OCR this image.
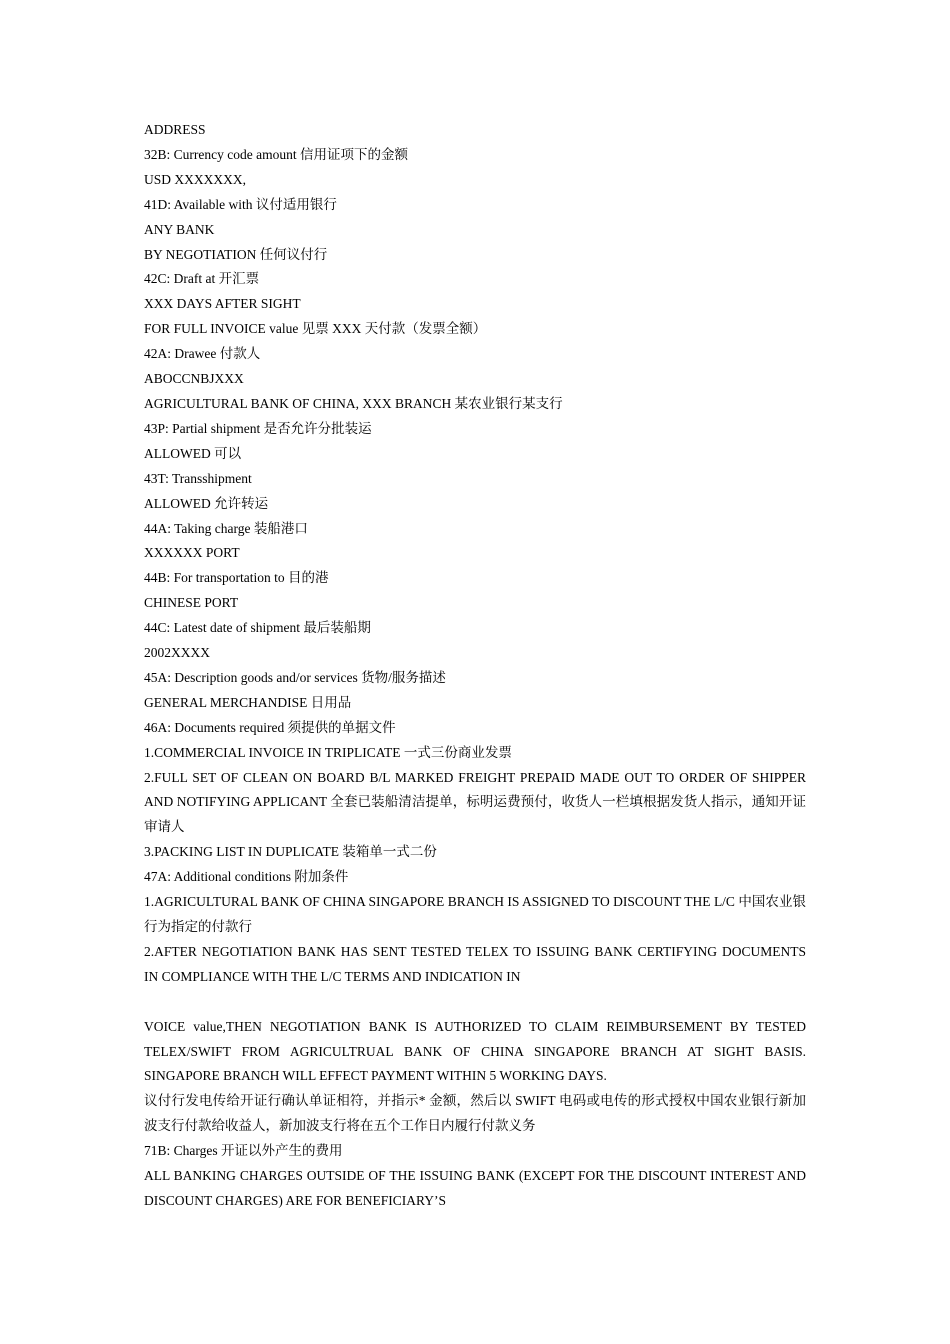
ADDRESS

32B: Currency code amount 信用证项下的金额

USD XXXXXXX,

41D: Available with 议付适用银行

ANY BANK

BY NEGOTIATION 任何议付行

42C: Draft at 开汇票

XXX DAYS AFTER SIGHT

FOR FULL INVOICE value 见票 XXX 天付款（发票全额）

42A: Drawee 付款人

ABOCCNBJXXX

AGRICULTURAL BANK OF CHINA, XXX BRANCH 某农业银行某支行

43P: Partial shipment 是否允许分批装运

ALLOWED 可以

43T: Transshipment

ALLOWED 允许转运

44A: Taking charge 装船港口

XXXXXX PORT

44B: For transportation to 目的港

CHINESE PORT

44C: Latest date of shipment 最后装船期

2002XXXX

45A: Description goods and/or services 货物/服务描述

GENERAL MERCHANDISE 日用品

46A: Documents required 须提供的单据文件

1.COMMERCIAL INVOICE IN TRIPLICATE 一式三份商业发票

2.FULL SET OF CLEAN ON BOARD B/L MARKED FREIGHT PREPAID MADE OUT TO ORDER OF SHIPPER AND NOTIFYING APPLICANT 全套已装船清洁提单，标明运费预付，收货人一栏填根据发货人指示，通知开证审请人

3.PACKING LIST IN DUPLICATE 装箱单一式二份

47A: Additional conditions 附加条件

1.AGRICULTURAL BANK OF CHINA SINGAPORE BRANCH IS ASSIGNED TO DISCOUNT THE L/C 中国农业银行为指定的付款行

2.AFTER NEGOTIATION BANK HAS SENT TESTED TELEX TO ISSUING BANK CERTIFYING DOCUMENTS IN COMPLIANCE WITH THE L/C TERMS AND INDICATION IN

VOICE value,THEN NEGOTIATION BANK IS AUTHORIZED TO CLAIM REIMBURSEMENT BY TESTED TELEX/SWIFT FROM AGRICULTRUAL BANK OF CHINA SINGAPORE BRANCH AT SIGHT BASIS. SINGAPORE BRANCH WILL EFFECT PAYMENT WITHIN 5 WORKING DAYS.

议付行发电传给开证行确认单证相符，并指示* 金额，然后以 SWIFT 电码或电传的形式授权中国农业银行新加波支行付款给收益人，新加波支行将在五个工作日内履行付款义务

71B: Charges 开证以外产生的费用

ALL BANKING CHARGES OUTSIDE OF THE ISSUING BANK (EXCEPT FOR THE DISCOUNT INTEREST AND DISCOUNT CHARGES) ARE FOR BENEFICIARY’S
